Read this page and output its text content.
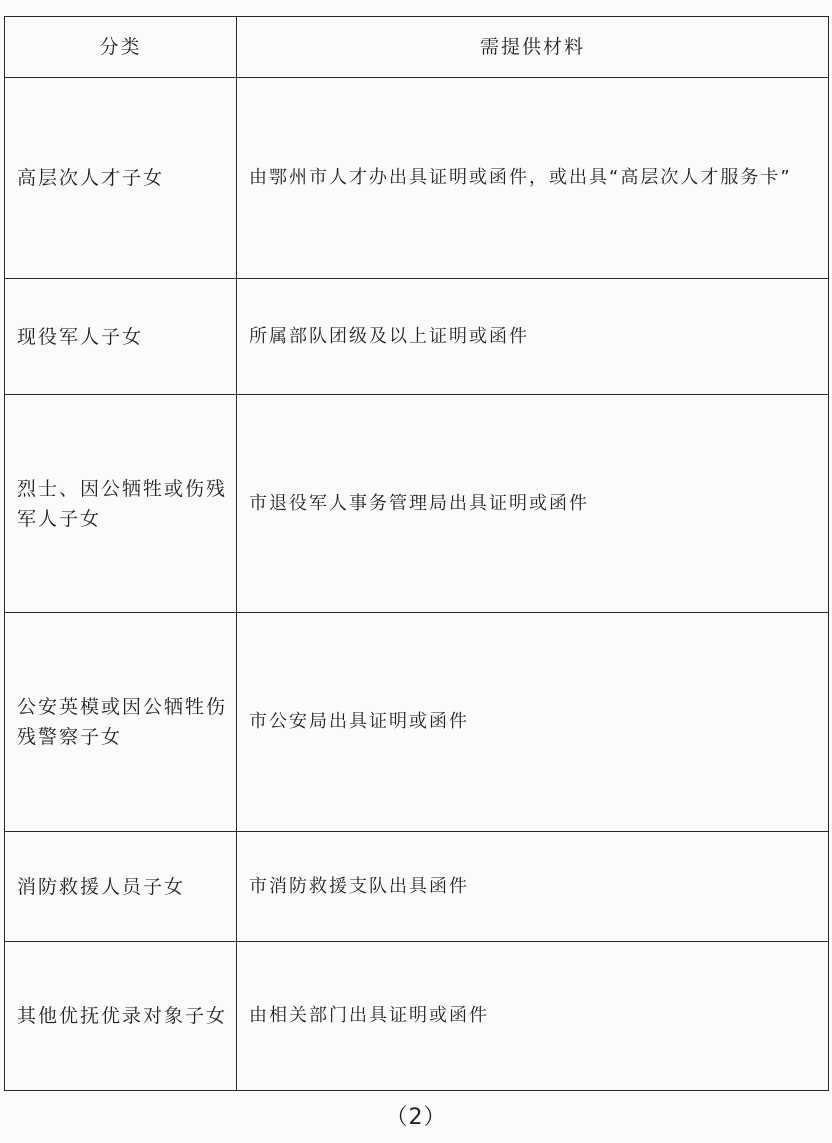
分类	需提供材料
高层次人才子女	由鄂州市人才办出具证明或函件，或出具“高层次人才服务卡”
现役军人子女	所属部队团级及以上证明或函件
烈士、因公牺牲或伤残军人子女	市退役军人事务管理局出具证明或函件
公安英模或因公牺牲伤残警察子女	市公安局出具证明或函件
消防救援人员子女	市消防救援支队出具函件
其他优抚优录对象子女	由相关部门出具证明或函件
（2）
